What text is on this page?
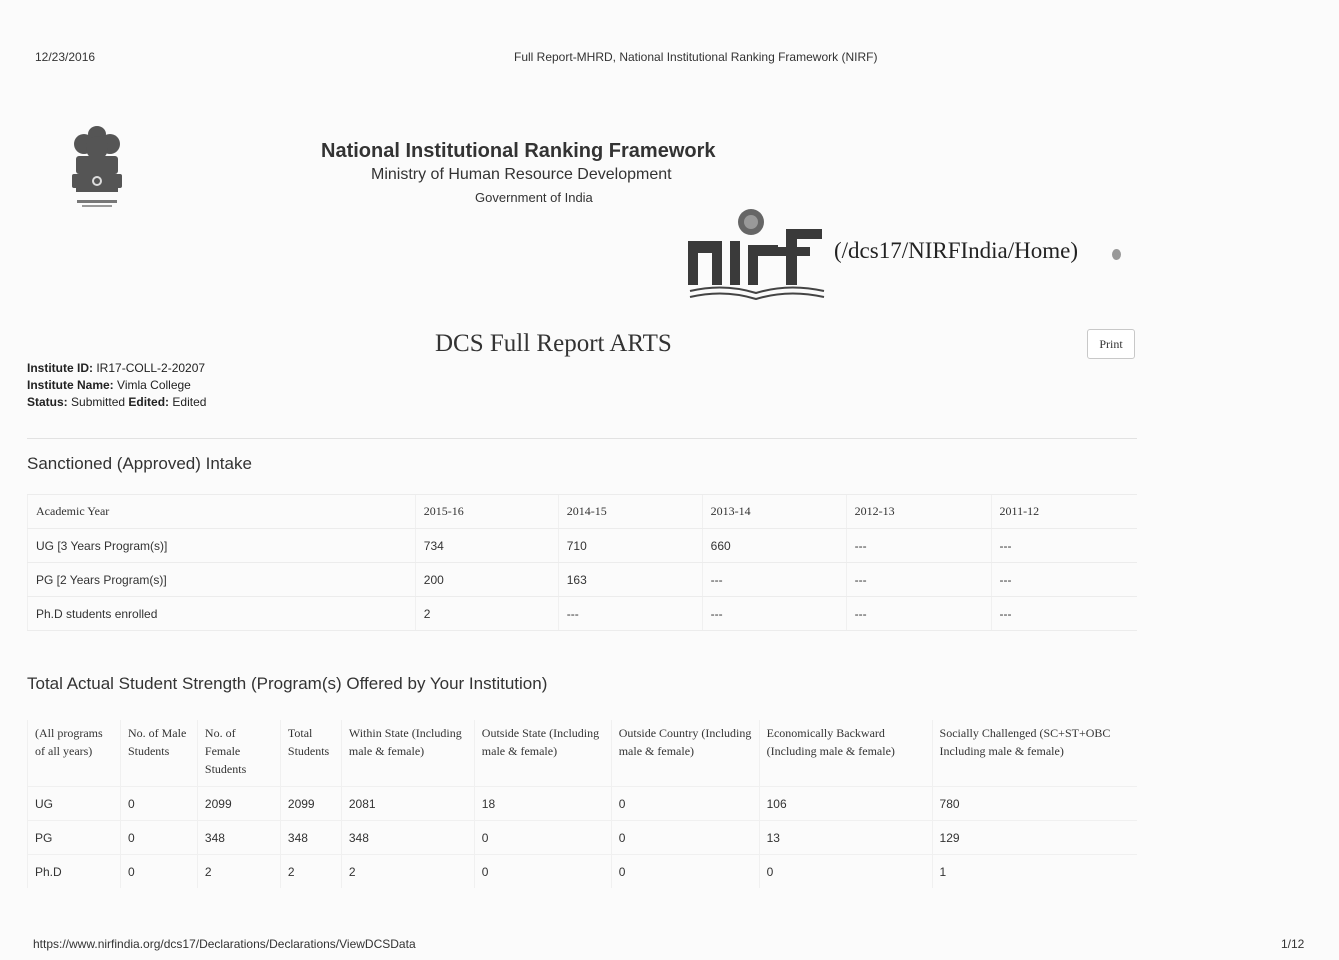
12/23/2016	Full Report-MHRD, National Institutional Ranking Framework (NIRF)
https://www.nirfindia.org/dcs17/Declarations/Declarations/ViewDCSData	1/12
National Institutional Ranking Framework
Ministry of Human Resource Development
Government of India
(/dcs17/NIRFIndia/Home)
DCS Full Report ARTS	Print
Institute ID: IR17-COLL-2-20207
Institute Name: Vimla College
Status: Submitted Edited: Edited
Sanctioned (Approved) Intake
Academic Year	2015-16	2014-15	2013-14	2012-13	2011-12
UG [3 Years Program(s)]	734	710	660	---	---
PG [2 Years Program(s)]	200	163	---	---	---
Ph.D students enrolled	2	---	---	---	---
Total Actual Student Strength (Program(s) Offered by Your Institution)
(All programs of all years)	No. of Male Students	No. of Female Students	Total Students	Within State (Including male & female)	Outside State (Including male & female)	Outside Country (Including male & female)	Economically Backward (Including male & female)	Socially Challenged (SC+ST+OBC Including male & female)
UG	0	2099	2099	2081	18	0	106	780
PG	0	348	348	348	0	0	13	129
Ph.D	0	2	2	2	0	0	0	1
